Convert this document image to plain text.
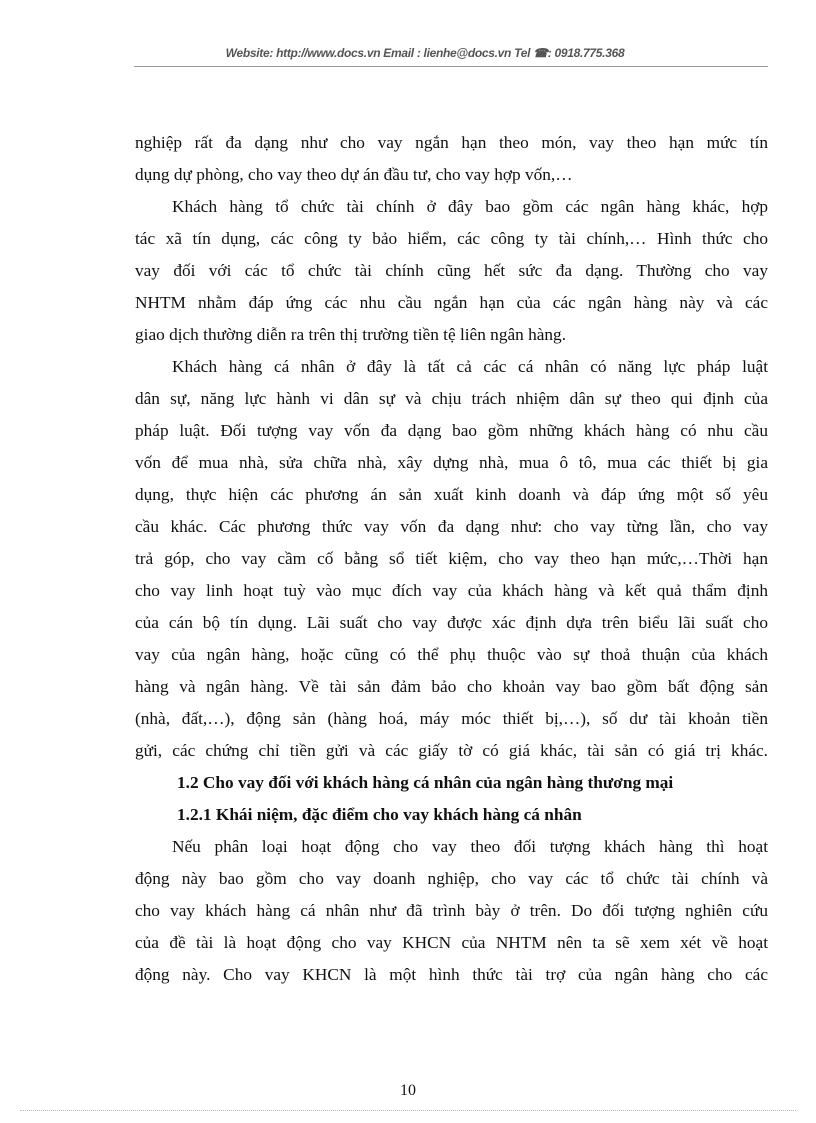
Website: http://www.docs.vn Email : lienhe@docs.vn Tel ☎: 0918.775.368
nghiệp rất đa dạng như cho vay ngắn hạn theo món, vay theo hạn mức tín
dụng dự phòng, cho vay theo dự án đầu tư, cho vay hợp vốn,…
Khách hàng tổ chức tài chính ở đây bao gồm các ngân hàng khác, hợp
tác xã tín dụng, các công ty bảo hiểm, các công ty tài chính,… Hình thức cho
vay đối với các tổ chức tài chính cũng hết sức đa dạng. Thường cho vay
NHTM nhằm đáp ứng các nhu cầu ngắn hạn của các ngân hàng này và các
giao dịch thường diễn ra trên thị trường tiền tệ liên ngân hàng.
Khách hàng cá nhân ở đây là tất cả các cá nhân có năng lực pháp luật
dân sự, năng lực hành vi dân sự và chịu trách nhiệm dân sự theo qui định của
pháp luật. Đối tượng vay vốn đa dạng bao gồm những khách hàng có nhu cầu
vốn để mua nhà, sửa chữa nhà, xây dựng nhà, mua ô tô, mua các thiết bị gia
dụng, thực hiện các phương án sản xuất kinh doanh và đáp ứng một số yêu
cầu khác. Các phương thức vay vốn đa dạng như: cho vay từng lần, cho vay
trả góp, cho vay cầm cố bằng sổ tiết kiệm, cho vay theo hạn mức,…Thời hạn
cho vay linh hoạt tuỳ vào mục đích vay của khách hàng và kết quả thẩm định
của cán bộ tín dụng. Lãi suất cho vay được xác định dựa trên biểu lãi suất cho
vay của ngân hàng, hoặc cũng có thể phụ thuộc vào sự thoả thuận của khách
hàng và ngân hàng. Về tài sản đảm bảo cho khoản vay bao gồm bất động sản
(nhà, đất,…), động sản (hàng hoá, máy móc thiết bị,…), số dư tài khoản tiền
gửi, các chứng chỉ tiền gửi và các giấy tờ có giá khác, tài sản có giá trị khác.
1.2 Cho vay đối với khách hàng cá nhân của ngân hàng thương mại
1.2.1 Khái niệm, đặc điểm cho vay khách hàng cá nhân
Nếu phân loại hoạt động cho vay theo đối tượng khách hàng thì hoạt
động này bao gồm cho vay doanh nghiệp, cho vay các tổ chức tài chính và
cho vay khách hàng cá nhân như đã trình bày ở trên. Do đối tượng nghiên cứu
của đề tài là hoạt động cho vay KHCN của NHTM nên ta sẽ xem xét về hoạt
động này. Cho vay KHCN là một hình thức tài trợ của ngân hàng cho các
10
